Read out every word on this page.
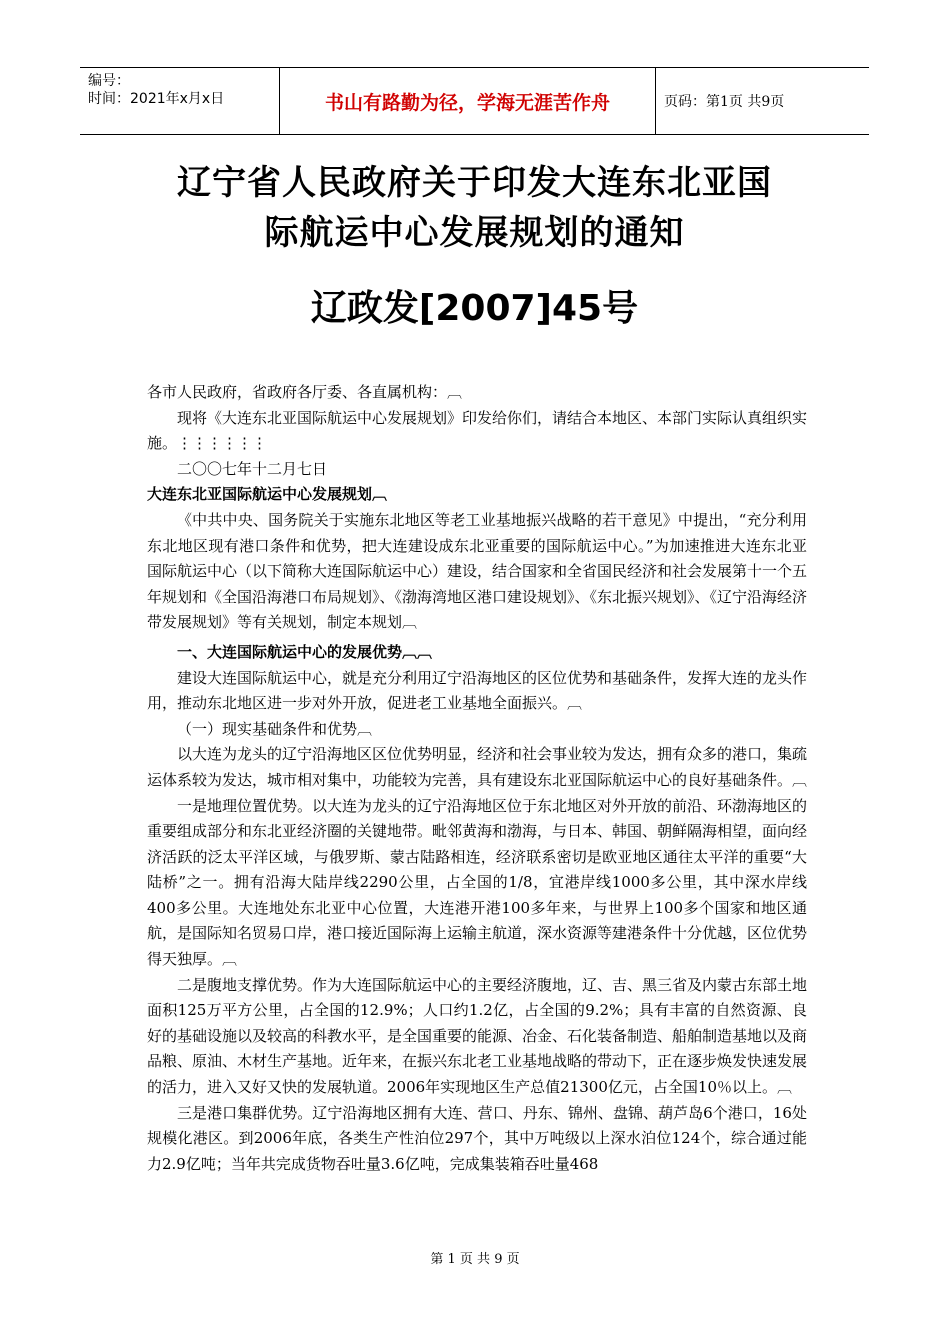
编号：
时间：2021年x月x日	书山有路勤为径，学海无涯苦作舟	页码：第1页 共9页
辽宁省人民政府关于印发大连东北亚国
际航运中心发展规划的通知
辽政发[2007]45号

各市人民政府，省政府各厅委、各直属机构：︹

现将《大连东北亚国际航运中心发展规划》印发给你们，请结合本地区、本部门实际认真组织实施。⋮⋮⋮⋮⋮⋮

二〇〇七年十二月七日

大连东北亚国际航运中心发展规划︹

《中共中央、国务院关于实施东北地区等老工业基地振兴战略的若干意见》中提出，“充分利用东北地区现有港口条件和优势，把大连建设成东北亚重要的国际航运中心。”为加速推进大连东北亚国际航运中心（以下简称大连国际航运中心）建设，结合国家和全省国民经济和社会发展第十一个五年规划和《全国沿海港口布局规划》、《渤海湾地区港口建设规划》、《东北振兴规划》、《辽宁沿海经济带发展规划》等有关规划，制定本规划︹

一、大连国际航运中心的发展优势︹︹

建设大连国际航运中心，就是充分利用辽宁沿海地区的区位优势和基础条件，发挥大连的龙头作用，推动东北地区进一步对外开放，促进老工业基地全面振兴。︹

（一）现实基础条件和优势︹

以大连为龙头的辽宁沿海地区区位优势明显，经济和社会事业较为发达，拥有众多的港口，集疏运体系较为发达，城市相对集中，功能较为完善，具有建设东北亚国际航运中心的良好基础条件。︹

一是地理位置优势。以大连为龙头的辽宁沿海地区位于东北地区对外开放的前沿、环渤海地区的重要组成部分和东北亚经济圈的关键地带。毗邻黄海和渤海，与日本、韩国、朝鲜隔海相望，面向经济活跃的泛太平洋区域，与俄罗斯、蒙古陆路相连，经济联系密切是欧亚地区通往太平洋的重要“大陆桥”之一。拥有沿海大陆岸线2290公里，占全国的1/8，宜港岸线1000多公里，其中深水岸线400多公里。大连地处东北亚中心位置，大连港开港100多年来，与世界上100多个国家和地区通航，是国际知名贸易口岸，港口接近国际海上运输主航道，深水资源等建港条件十分优越，区位优势得天独厚。︹

二是腹地支撑优势。作为大连国际航运中心的主要经济腹地，辽、吉、黑三省及内蒙古东部土地面积125万平方公里，占全国的12.9%；人口约1.2亿，占全国的9.2%；具有丰富的自然资源、良好的基础设施以及较高的科教水平，是全国重要的能源、冶金、石化装备制造、船舶制造基地以及商品粮、原油、木材生产基地。近年来，在振兴东北老工业基地战略的带动下，正在逐步焕发快速发展的活力，进入又好又快的发展轨道。2006年实现地区生产总值21300亿元，占全国10％以上。︹

三是港口集群优势。辽宁沿海地区拥有大连、营口、丹东、锦州、盘锦、葫芦岛6个港口，16处规模化港区。到2006年底，各类生产性泊位297个，其中万吨级以上深水泊位124个，综合通过能力2.9亿吨；当年共完成货物吞吐量3.6亿吨，完成集装箱吞吐量468

第 1 页 共 9 页
